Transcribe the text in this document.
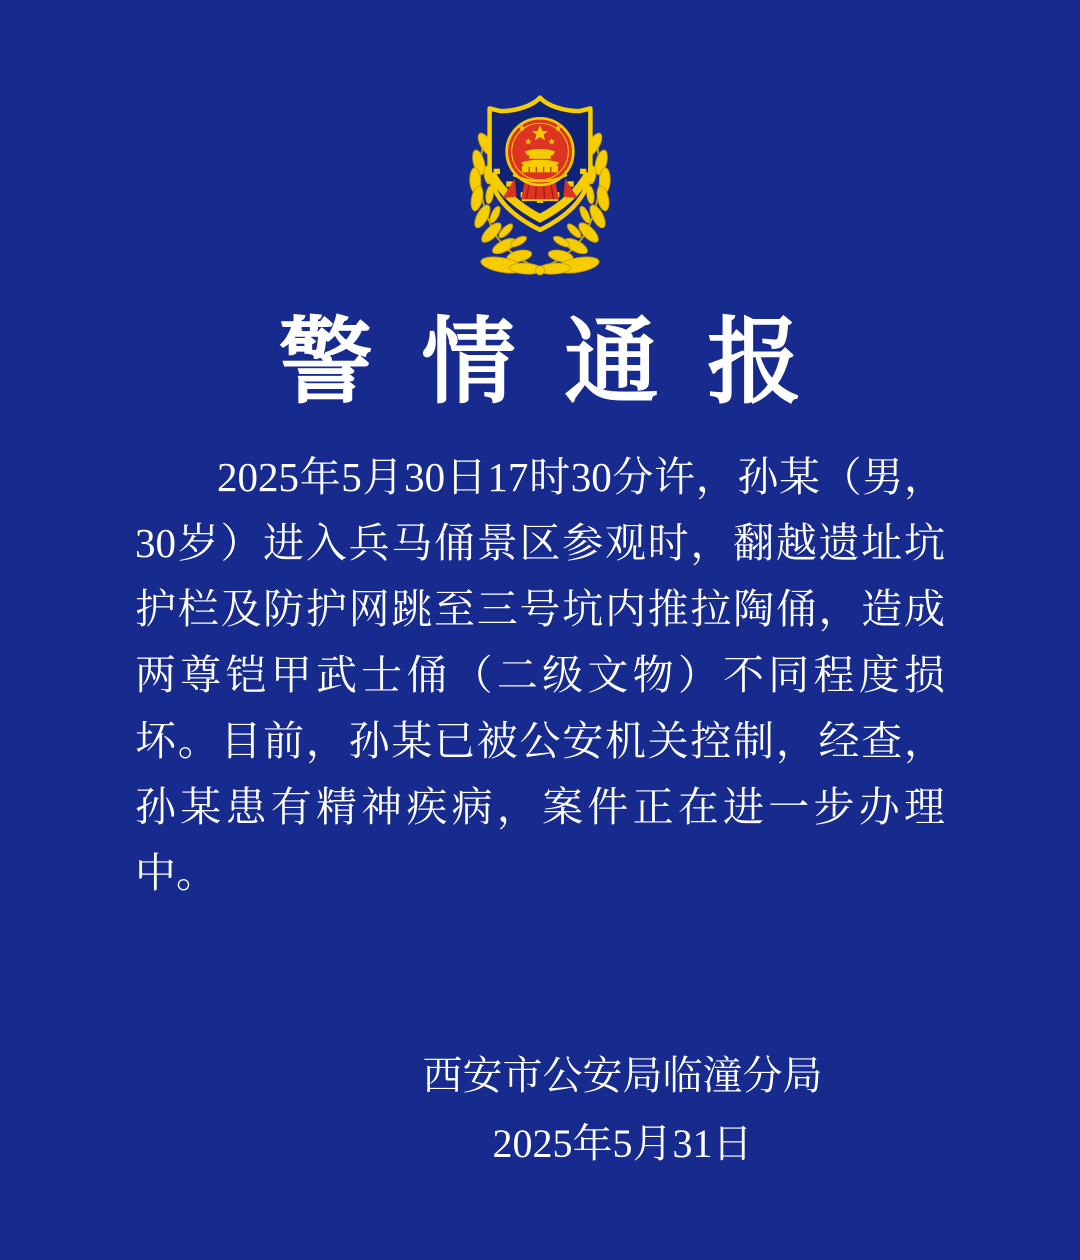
警情通报

2025年5月30日17时30分许，孙某（男，30岁）进入兵马俑景区参观时，翻越遗址坑护栏及防护网跳至三号坑内推拉陶俑，造成两尊铠甲武士俑（二级文物）不同程度损坏。目前，孙某已被公安机关控制，经查，孙某患有精神疾病，案件正在进一步办理中。

西安市公安局临潼分局
2025年5月31日
